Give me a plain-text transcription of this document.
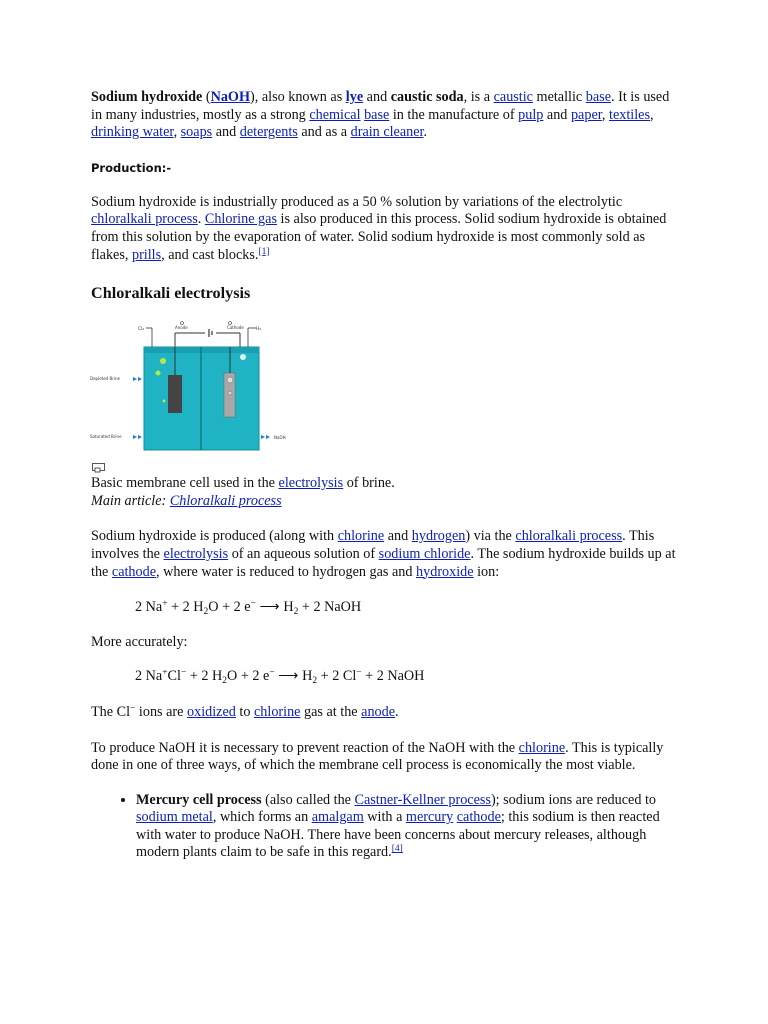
Sodium hydroxide (NaOH), also known as lye and caustic soda, is a caustic metallic base. It is used in many industries, mostly as a strong chemical base in the manufacture of pulp and paper, textiles, drinking water, soaps and detergents and as a drain cleaner.

Production:-

Sodium hydroxide is industrially produced as a 50 % solution by variations of the electrolytic chloralkali process. Chlorine gas is also produced in this process. Solid sodium hydroxide is obtained from this solution by the evaporation of water. Solid sodium hydroxide is most commonly sold as flakes, prills, and cast blocks.[1]

Chloralkali electrolysis
Anode	Cathode
Cl₂	H₂
Depleted Brine
Saturated Brine	NaOH

Basic membrane cell used in the electrolysis of brine.

Main article: Chloralkali process

Sodium hydroxide is produced (along with chlorine and hydrogen) via the chloralkali process. This involves the electrolysis of an aqueous solution of sodium chloride. The sodium hydroxide builds up at the cathode, where water is reduced to hydrogen gas and hydroxide ion:

2 Na+ + 2 $H_2O + 2$ e− ⟶ $H_2 + 2$ NaOH

More accurately:

2 Na+Cl− + 2 $H_2O + 2$ e− ⟶ $H_2 + 2$ Cl− + 2 NaOH

The Cl− ions are oxidized to chlorine gas at the anode.

To produce NaOH it is necessary to prevent reaction of the NaOH with the chlorine. This is typically done in one of three ways, of which the membrane cell process is economically the most viable.

• Mercury cell process (also called the Castner-Kellner process); sodium ions are reduced to sodium metal, which forms an amalgam with a mercury cathode; this sodium is then reacted with water to produce NaOH. There have been concerns about mercury releases, although modern plants claim to be safe in this regard.[4]
